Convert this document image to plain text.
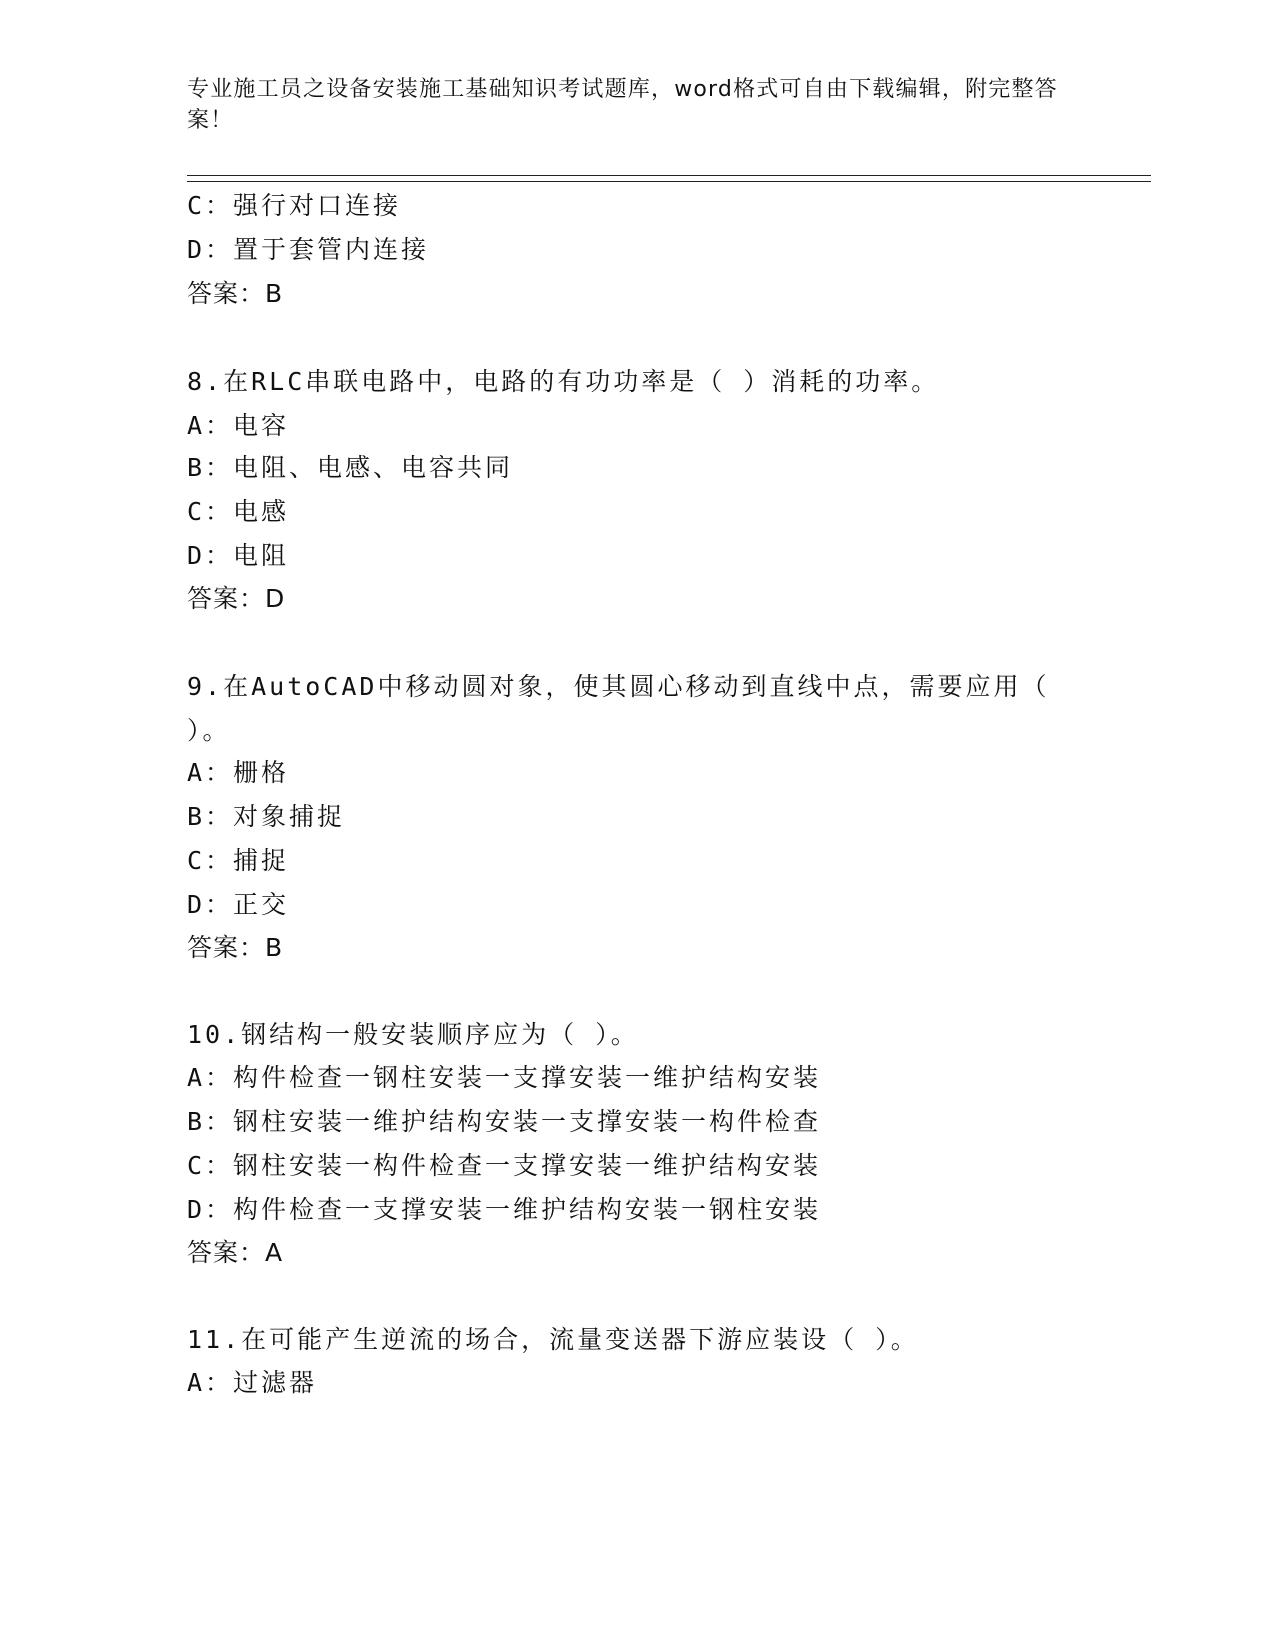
专业施工员之设备安装施工基础知识考试题库，word格式可自由下载编辑，附完整答案！
C：强行对口连接
D：置于套管内连接
答案：B
8.在RLC串联电路中，电路的有功功率是（ ）消耗的功率。
A：电容
B：电阻、电感、电容共同
C：电感
D：电阻
答案：D
9.在AutoCAD中移动圆对象，使其圆心移动到直线中点，需要应用（
）。
A：栅格
B：对象捕捉
C：捕捉
D：正交
答案：B
10.钢结构一般安装顺序应为（ ）。
A：构件检查一钢柱安装一支撑安装一维护结构安装
B：钢柱安装一维护结构安装一支撑安装一构件检查
C：钢柱安装一构件检查一支撑安装一维护结构安装
D：构件检查一支撑安装一维护结构安装一钢柱安装
答案：A
11.在可能产生逆流的场合，流量变送器下游应装设（ ）。
A：过滤器
